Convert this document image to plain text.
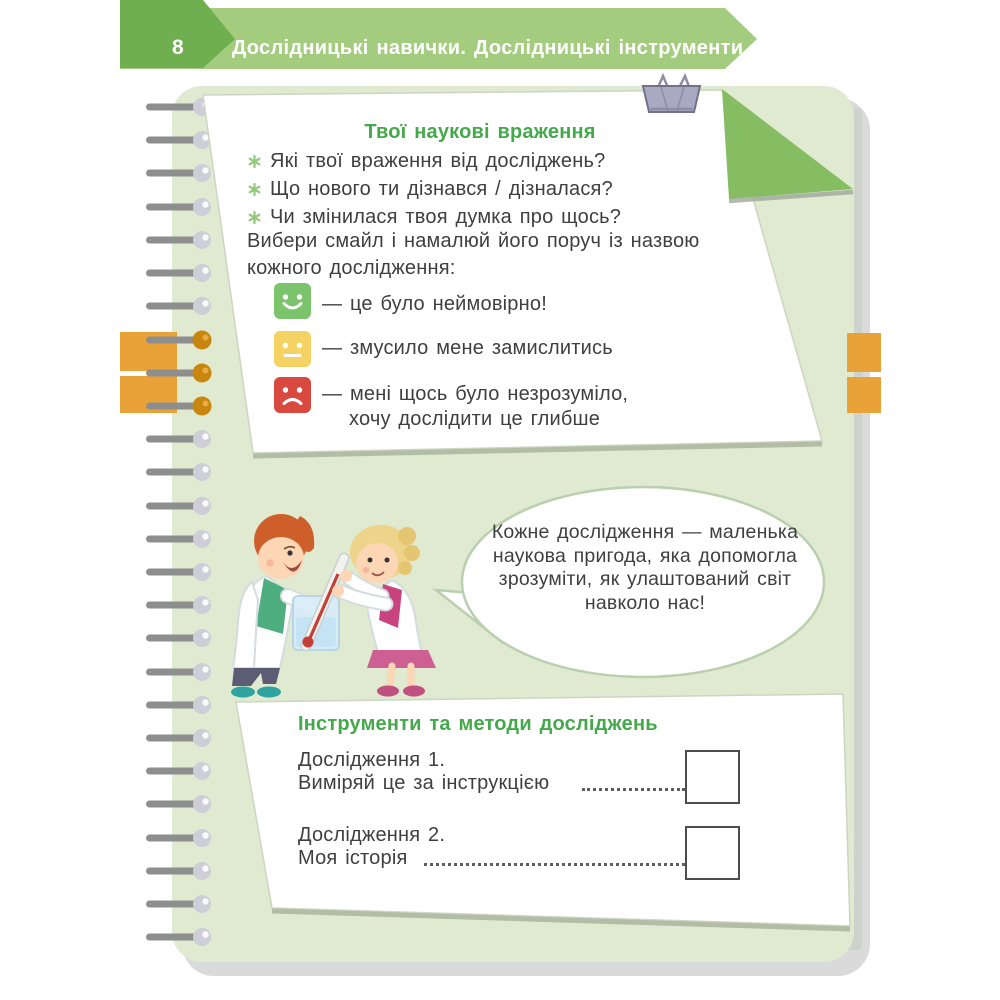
8	Дослідницькі навички. Дослідницькі інструменти
Твої наукові враження
Які твої враження від досліджень?
Що нового ти дізнався / дізналася?
Чи змінилася твоя думка про щось?
Вибери смайл і намалюй його поруч із назвою
кожного дослідження:
— це було неймовірно!
— змусило мене замислитись
— мені щось було незрозуміло,
хочу дослідити це глибше
Кожне дослідження — маленька наукова пригода, яка допомогла зрозуміти, як улаштований світ навколо нас!
Інструменти та методи досліджень
Дослідження 1.
Виміряй це за інструкцією
Дослідження 2.
Моя історія
